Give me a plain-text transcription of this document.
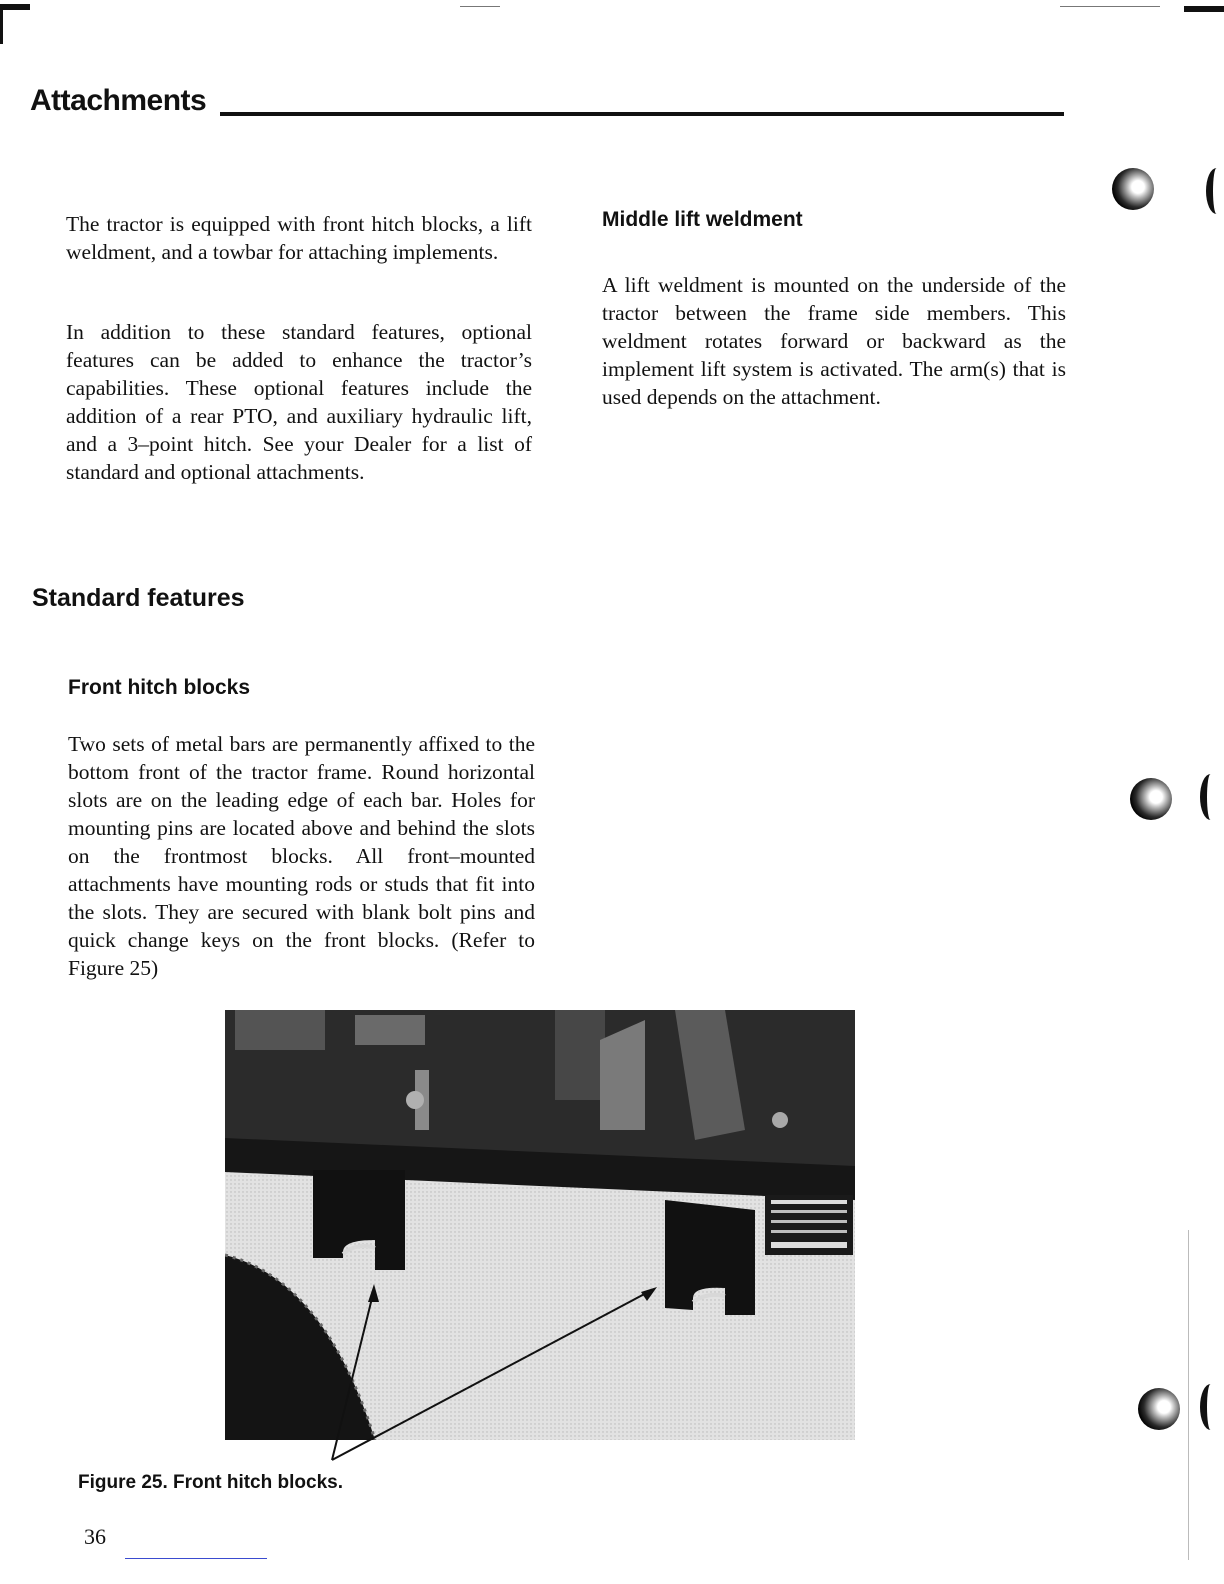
Attachments

The tractor is equipped with front hitch blocks, a lift weldment, and a towbar for attaching implements.

In addition to these standard features, optional features can be added to enhance the tractor’s capabilities. These optional features include the addition of a rear PTO, and auxiliary hydraulic lift, and a 3–point hitch. See your Dealer for a list of standard and optional attachments.

Middle lift weldment

A lift weldment is mounted on the underside of the tractor between the frame side members. This weldment rotates forward or backward as the implement lift system is activated. The arm(s) that is used depends on the attachment.

Standard features
Front hitch blocks

Two sets of metal bars are permanently affixed to the bottom front of the tractor frame. Round horizontal slots are on the leading edge of each bar. Holes for mounting pins are located above and behind the slots on the frontmost blocks. All front–mounted attachments have mounting rods or studs that fit into the slots. They are secured with blank bolt pins and quick change keys on the front blocks. (Refer to Figure 25)

Figure 25. Front hitch blocks.
36
